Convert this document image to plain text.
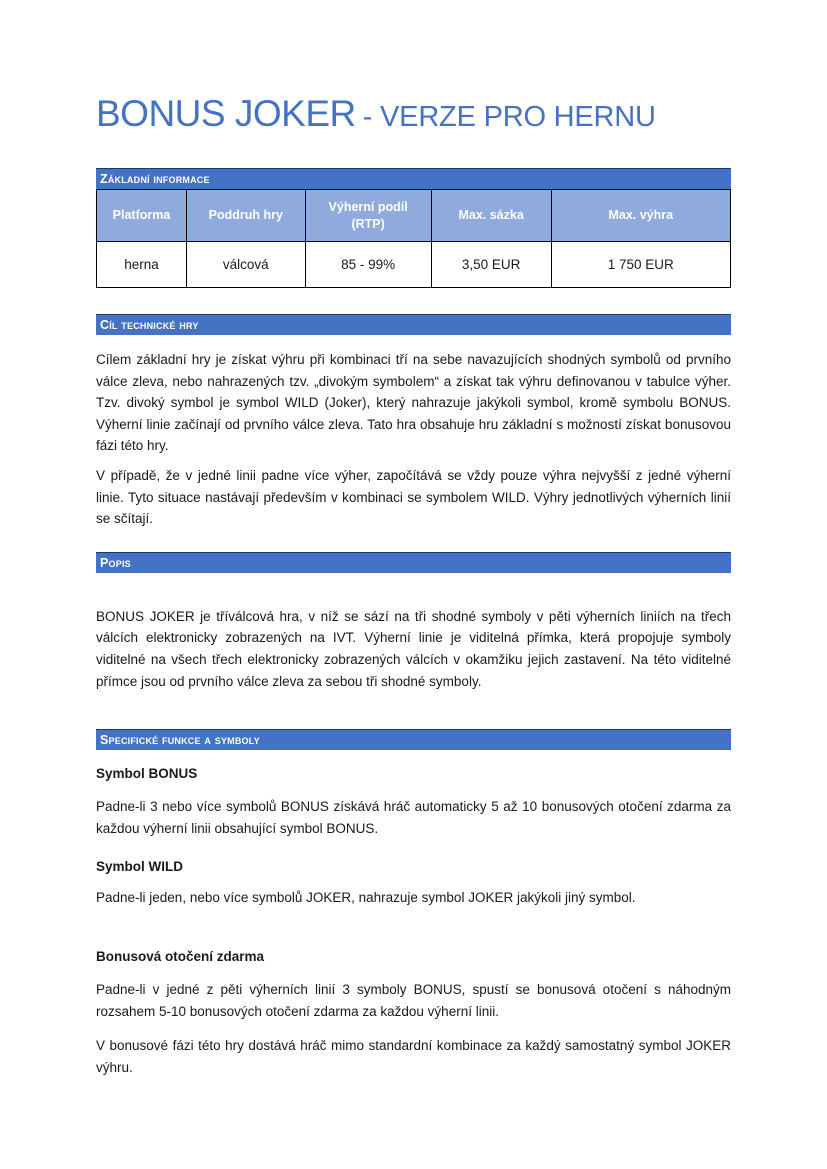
BONUS JOKER - VERZE PRO HERNU
Základní informace
Platforma	Poddruh hry	Výherní podíl (RTP)	Max. sázka	Max. výhra
herna	válcová	85 - 99%	3,50 EUR	1 750 EUR
Cíl technické hry

Cílem základní hry je získat výhru při kombinaci tří na sebe navazujících shodných symbolů od prvního válce zleva, nebo nahrazených tzv. „divokým symbolem“ a získat tak výhru definovanou v tabulce výher. Tzv. divoký symbol je symbol WILD (Joker), který nahrazuje jakýkoli symbol, kromě symbolu BONUS. Výherní linie začínají od prvního válce zleva. Tato hra obsahuje hru základní s možností získat bonusovou fázi této hry.

V případě, že v jedné linii padne více výher, započítává se vždy pouze výhra nejvyšší z jedné výherní linie. Tyto situace nastávají především v kombinaci se symbolem WILD. Výhry jednotlivých výherních linií se sčítají.

Popis

BONUS JOKER je tříválcová hra, v níž se sází na tři shodné symboly v pěti výherních liniích na třech válcích elektronicky zobrazených na IVT. Výherní linie je viditelná přímka, která propojuje symboly viditelné na všech třech elektronicky zobrazených válcích v okamžiku jejich zastavení. Na této viditelné přímce jsou od prvního válce zleva za sebou tři shodné symboly.

Specifické funkce a symboly
Symbol BONUS

Padne-li 3 nebo více symbolů BONUS získává hráč automaticky 5 až 10 bonusových otočení zdarma za každou výherní linii obsahující symbol BONUS.

Symbol WILD

Padne-li jeden, nebo více symbolů JOKER, nahrazuje symbol JOKER jakýkoli jiný symbol.

Bonusová otočení zdarma

Padne-li v jedné z pěti výherních linií 3 symboly BONUS, spustí se bonusová otočení s náhodným rozsahem 5-10 bonusových otočení zdarma za každou výherní linii.

V bonusové fázi této hry dostává hráč mimo standardní kombinace za každý samostatný symbol JOKER výhru.
